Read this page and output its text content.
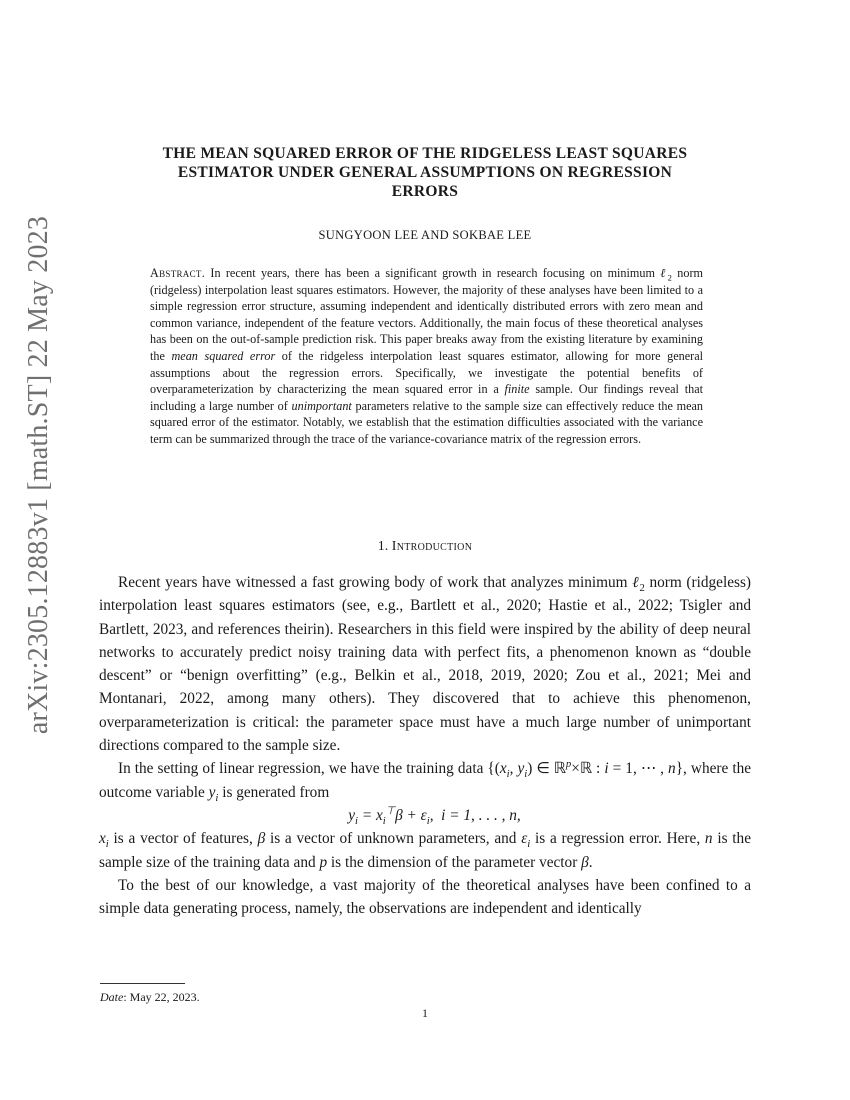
arXiv:2305.12883v1 [math.ST] 22 May 2023
THE MEAN SQUARED ERROR OF THE RIDGELESS LEAST SQUARES
ESTIMATOR UNDER GENERAL ASSUMPTIONS ON REGRESSION
ERRORS
SUNGYOON LEE AND SOKBAE LEE
Abstract. In recent years, there has been a significant growth in research focusing on minimum ℓ$_2$ norm (ridgeless) interpolation least squares estimators. However, the majority of these analyses have been limited to a simple regression error structure, assuming independent and identically distributed errors with zero mean and common variance, independent of the feature vectors. Additionally, the main focus of these theoretical analyses has been on the out-of-sample prediction risk. This paper breaks away from the existing literature by examining the mean squared error of the ridgeless interpolation least squares estimator, allowing for more general assumptions about the regression errors. Specifically, we investigate the potential benefits of overparameterization by characterizing the mean squared error in a finite sample. Our findings reveal that including a large number of unimportant parameters relative to the sample size can effectively reduce the mean squared error of the estimator. Notably, we establish that the estimation difficulties associated with the variance term can be summarized through the trace of the variance-covariance matrix of the regression errors.
1. Introduction

Recent years have witnessed a fast growing body of work that analyzes minimum ℓ$_2$ norm (ridgeless) interpolation least squares estimators (see, e.g., Bartlett et al., 2020; Hastie et al., 2022; Tsigler and Bartlett, 2023, and references theirin). Researchers in this field were inspired by the ability of deep neural networks to accurately predict noisy training data with perfect fits, a phenomenon known as “double descent” or “benign overfitting” (e.g., Belkin et al., 2018, 2019, 2020; Zou et al., 2021; Mei and Montanari, 2022, among many others). They discovered that to achieve this phenomenon, overparameterization is critical: the parameter space must have a much large number of unimportant directions compared to the sample size.

In the setting of linear regression, we have the training data {($x_i$, $y_i$) ∈ ℝ$^p$×ℝ : i = 1, ⋯ , n}, where the outcome variable $y_i$ is generated from

$y_i = x_i^⊤\beta + \varepsilon_i$,  i = 1, . . . , n,

$x_i$ is a vector of features, β is a vector of unknown parameters, and $\varepsilon_i$ is a regression error. Here, n is the sample size of the training data and p is the dimension of the parameter vector β.

To the best of our knowledge, a vast majority of the theoretical analyses have been confined to a simple data generating process, namely, the observations are independent and identically

Date: May 22, 2023.
1
